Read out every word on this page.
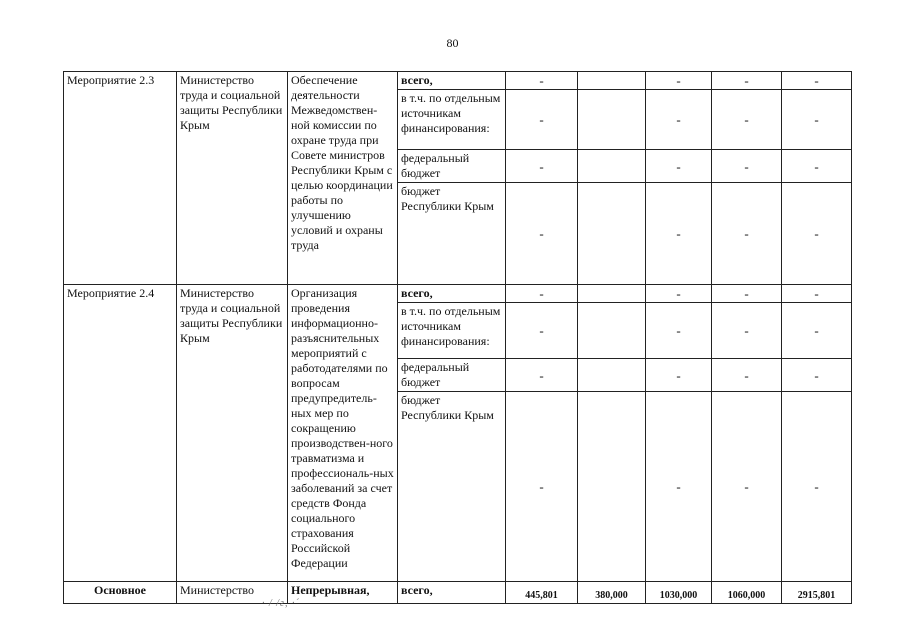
80
Мероприятие 2.3	Министерство труда и социальной защиты Республики Крым	Обеспечение деятельности Межведомствен-ной комиссии по охране труда при Совете министров Республики Крым с целью координации работы по улучшению условий и охраны труда	всего,	-		-	-	-
			в т.ч. по отдельным источникам финансирования:	-		-	-	-
			федеральный бюджет	-		-	-	-
			бюджет Республики Крым	-		-	-	-
Мероприятие 2.4	Министерство труда и социальной защиты Республики Крым	Организация проведения информационно-разъяснительных мероприятий с работодателями по вопросам предупредитель-ных мер по сокращению производствен-ного травматизма и профессиональ-ных заболеваний за счет средств Фонда социального страхования Российской Федерации	всего,	-		-	-	-
			в т.ч. по отдельным источникам финансирования:	-		-	-	-
			федеральный бюджет	-		-	-	-
			бюджет Республики Крым	-		-	-	-
Основное	Министерство	Непрерывная,	всего,	445,801	380,000	1030,000	1060,000	2915,801
· / /г, ·´
